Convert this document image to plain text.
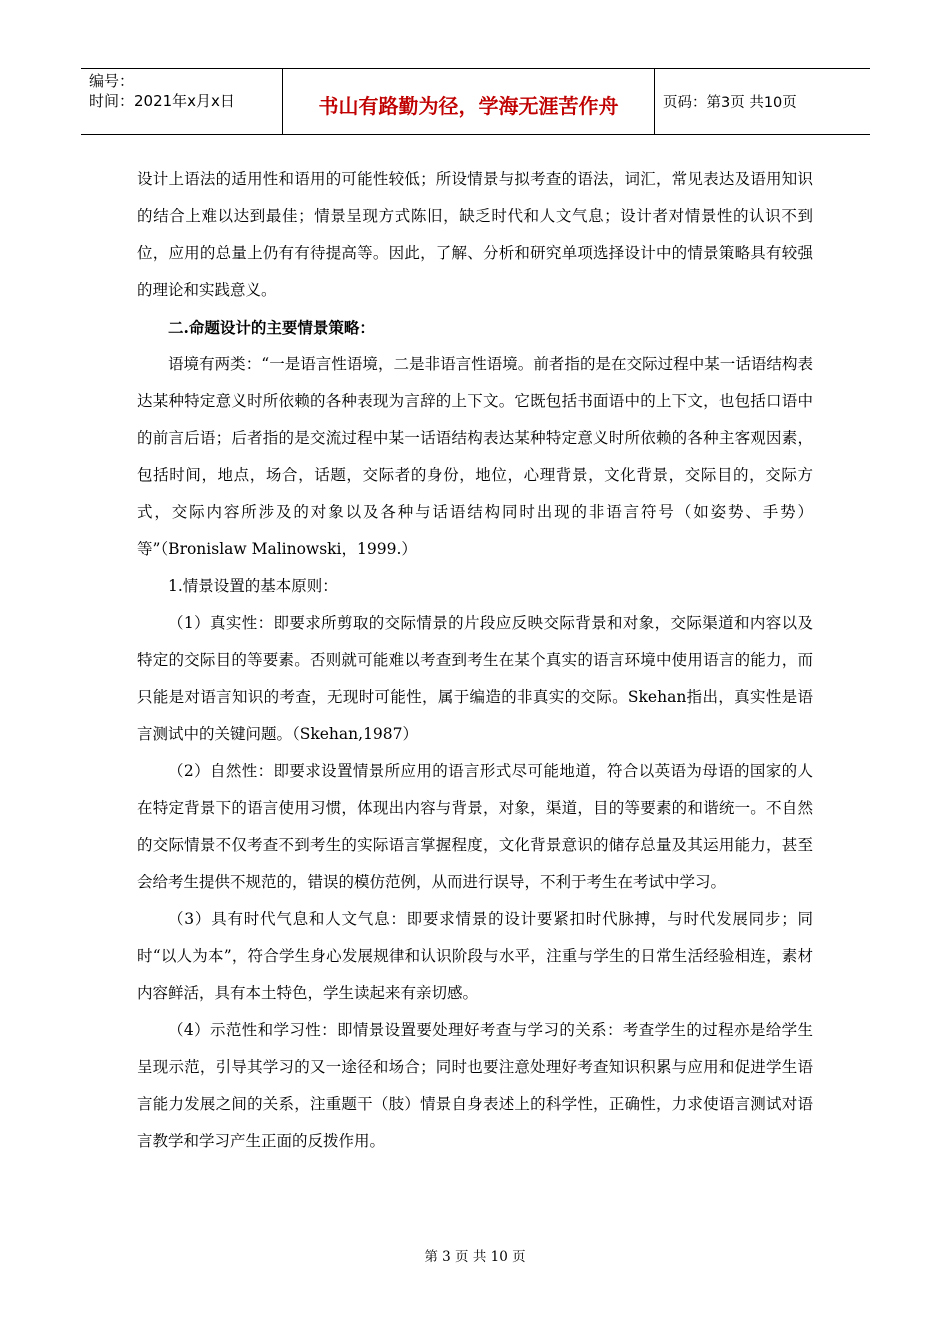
编号：
时间：2021年x月x日	书山有路勤为径，学海无涯苦作舟	页码：第3页 共10页

设计上语法的适用性和语用的可能性较低；所设情景与拟考查的语法，词汇，常见表达及语用知识的结合上难以达到最佳；情景呈现方式陈旧，缺乏时代和人文气息；设计者对情景性的认识不到位，应用的总量上仍有有待提高等。因此，了解、分析和研究单项选择设计中的情景策略具有较强的理论和实践意义。

二.命题设计的主要情景策略：

语境有两类：“一是语言性语境，二是非语言性语境。前者指的是在交际过程中某一话语结构表达某种特定意义时所依赖的各种表现为言辞的上下文。它既包括书面语中的上下文，也包括口语中的前言后语；后者指的是交流过程中某一话语结构表达某种特定意义时所依赖的各种主客观因素，包括时间，地点，场合，话题，交际者的身份，地位，心理背景，文化背景，交际目的，交际方式，交际内容所涉及的对象以及各种与话语结构同时出现的非语言符号（如姿势、手势）等”（Bronislaw Malinowski，1999.）

1.情景设置的基本原则：

（1）真实性：即要求所剪取的交际情景的片段应反映交际背景和对象，交际渠道和内容以及特定的交际目的等要素。否则就可能难以考查到考生在某个真实的语言环境中使用语言的能力，而只能是对语言知识的考查，无现时可能性，属于编造的非真实的交际。Skehan指出，真实性是语言测试中的关键问题。（Skehan,1987）

（2）自然性：即要求设置情景所应用的语言形式尽可能地道，符合以英语为母语的国家的人在特定背景下的语言使用习惯，体现出内容与背景，对象，渠道，目的等要素的和谐统一。不自然的交际情景不仅考查不到考生的实际语言掌握程度，文化背景意识的储存总量及其运用能力，甚至会给考生提供不规范的，错误的模仿范例，从而进行误导，不利于考生在考试中学习。

（3）具有时代气息和人文气息：即要求情景的设计要紧扣时代脉搏，与时代发展同步；同时“以人为本”，符合学生身心发展规律和认识阶段与水平，注重与学生的日常生活经验相连，素材内容鲜活，具有本土特色，学生读起来有亲切感。

（4）示范性和学习性：即情景设置要处理好考查与学习的关系：考查学生的过程亦是给学生呈现示范，引导其学习的又一途径和场合；同时也要注意处理好考查知识积累与应用和促进学生语言能力发展之间的关系，注重题干（肢）情景自身表述上的科学性，正确性，力求使语言测试对语言教学和学习产生正面的反拨作用。

第 3 页 共 10 页
